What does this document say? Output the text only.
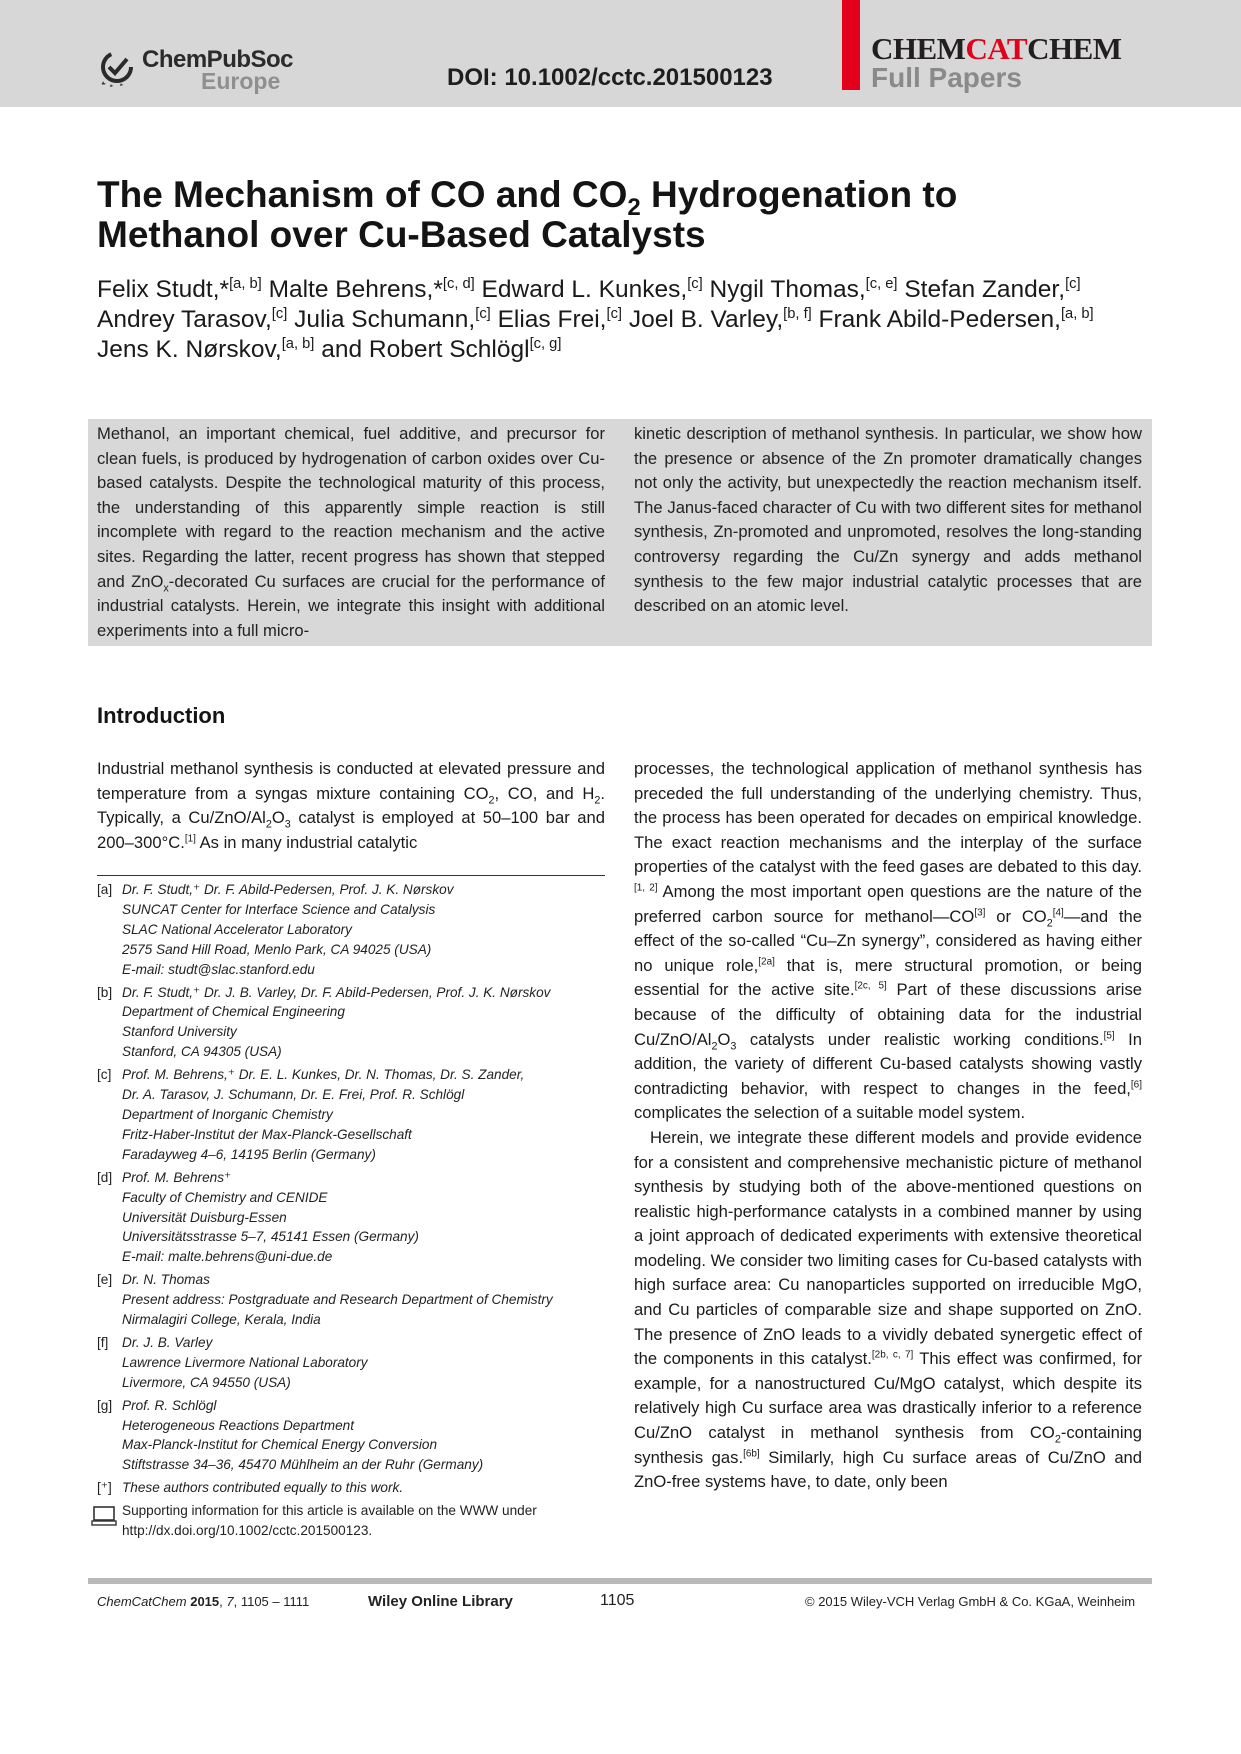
ChemPubSoc
Europe	DOI: 10.1002/cctc.201500123
CHEMCATCHEM
Full Papers
The Mechanism of CO and $CO_2$ Hydrogenation to
Methanol over Cu-Based Catalysts
Felix Studt,*[a, b] Malte Behrens,*[c, d] Edward L. Kunkes,[c] Nygil Thomas,[c, e] Stefan Zander,[c]
Andrey Tarasov,[c] Julia Schumann,[c] Elias Frei,[c] Joel B. Varley,[b, f] Frank Abild-Pedersen,[a, b]
Jens K. Nørskov,[a, b] and Robert Schlögl[c, g]

Methanol, an important chemical, fuel additive, and precursor for clean fuels, is produced by hydrogenation of carbon oxides over Cu-based catalysts. Despite the technological maturity of this process, the understanding of this apparently simple reaction is still incomplete with regard to the reaction mechanism and the active sites. Regarding the latter, recent progress has shown that stepped and ZnO$_x$-decorated Cu surfaces are crucial for the performance of industrial catalysts. Herein, we integrate this insight with additional experiments into a full micro-

kinetic description of methanol synthesis. In particular, we show how the presence or absence of the Zn promoter dramatically changes not only the activity, but unexpectedly the reaction mechanism itself. The Janus-faced character of Cu with two different sites for methanol synthesis, Zn-promoted and unpromoted, resolves the long-standing controversy regarding the Cu/Zn synergy and adds methanol synthesis to the few major industrial catalytic processes that are described on an atomic level.

Introduction

Industrial methanol synthesis is conducted at elevated pressure and temperature from a syngas mixture containing $CO_2$, CO, and $H_2$. Typically, a $Cu/ZnO/Al_2O_3$ catalyst is employed at 50–100 bar and 200–300°C.[1] As in many industrial catalytic

[a] Dr. F. Studt,⁺ Dr. F. Abild-Pedersen, Prof. J. K. Nørskov
SUNCAT Center for Interface Science and Catalysis
SLAC National Accelerator Laboratory
2575 Sand Hill Road, Menlo Park, CA 94025 (USA)
E-mail: studt@slac.stanford.edu
[b] Dr. F. Studt,⁺ Dr. J. B. Varley, Dr. F. Abild-Pedersen, Prof. J. K. Nørskov
Department of Chemical Engineering
Stanford University
Stanford, CA 94305 (USA)
[c] Prof. M. Behrens,⁺ Dr. E. L. Kunkes, Dr. N. Thomas, Dr. S. Zander,
Dr. A. Tarasov, J. Schumann, Dr. E. Frei, Prof. R. Schlögl
Department of Inorganic Chemistry
Fritz-Haber-Institut der Max-Planck-Gesellschaft
Faradayweg 4–6, 14195 Berlin (Germany)
[d] Prof. M. Behrens⁺
Faculty of Chemistry and CENIDE
Universität Duisburg-Essen
Universitätsstrasse 5–7, 45141 Essen (Germany)
E-mail: malte.behrens@uni-due.de
[e] Dr. N. Thomas
Present address: Postgraduate and Research Department of Chemistry
Nirmalagiri College, Kerala, India
[f] Dr. J. B. Varley
Lawrence Livermore National Laboratory
Livermore, CA 94550 (USA)
[g] Prof. R. Schlögl
Heterogeneous Reactions Department
Max-Planck-Institut for Chemical Energy Conversion
Stiftstrasse 34–36, 45470 Mühlheim an der Ruhr (Germany)
[⁺] These authors contributed equally to this work.
Supporting information for this article is available on the WWW under
http://dx.doi.org/10.1002/cctc.201500123.

processes, the technological application of methanol synthesis has preceded the full understanding of the underlying chemistry. Thus, the process has been operated for decades on empirical knowledge. The exact reaction mechanisms and the interplay of the surface properties of the catalyst with the feed gases are debated to this day.[1, 2] Among the most important open questions are the nature of the preferred carbon source for methanol—CO[3] or $CO_2[4]—and$ the effect of the so-called “Cu–Zn synergy”, considered as having either no unique role,[2a] that is, mere structural promotion, or being essential for the active site.[2c, 5] Part of these discussions arise because of the difficulty of obtaining data for the industrial $Cu/ZnO/Al_2O_3$ catalysts under realistic working conditions.[5] In addition, the variety of different Cu-based catalysts showing vastly contradicting behavior, with respect to changes in the feed,[6] complicates the selection of a suitable model system.

Herein, we integrate these different models and provide evidence for a consistent and comprehensive mechanistic picture of methanol synthesis by studying both of the above-mentioned questions on realistic high-performance catalysts in a combined manner by using a joint approach of dedicated experiments with extensive theoretical modeling. We consider two limiting cases for Cu-based catalysts with high surface area: Cu nanoparticles supported on irreducible MgO, and Cu particles of comparable size and shape supported on ZnO. The presence of ZnO leads to a vividly debated synergetic effect of the components in this catalyst.[2b, c, 7] This effect was confirmed, for example, for a nanostructured Cu/MgO catalyst, which despite its relatively high Cu surface area was drastically inferior to a reference Cu/ZnO catalyst in methanol synthesis from $CO_2$-containing synthesis gas.[6b] Similarly, high Cu surface areas of Cu/ZnO and ZnO-free systems have, to date, only been

ChemCatChem 2015, 7, 1105 – 1111	Wiley Online Library	1105	© 2015 Wiley-VCH Verlag GmbH & Co. KGaA, Weinheim
